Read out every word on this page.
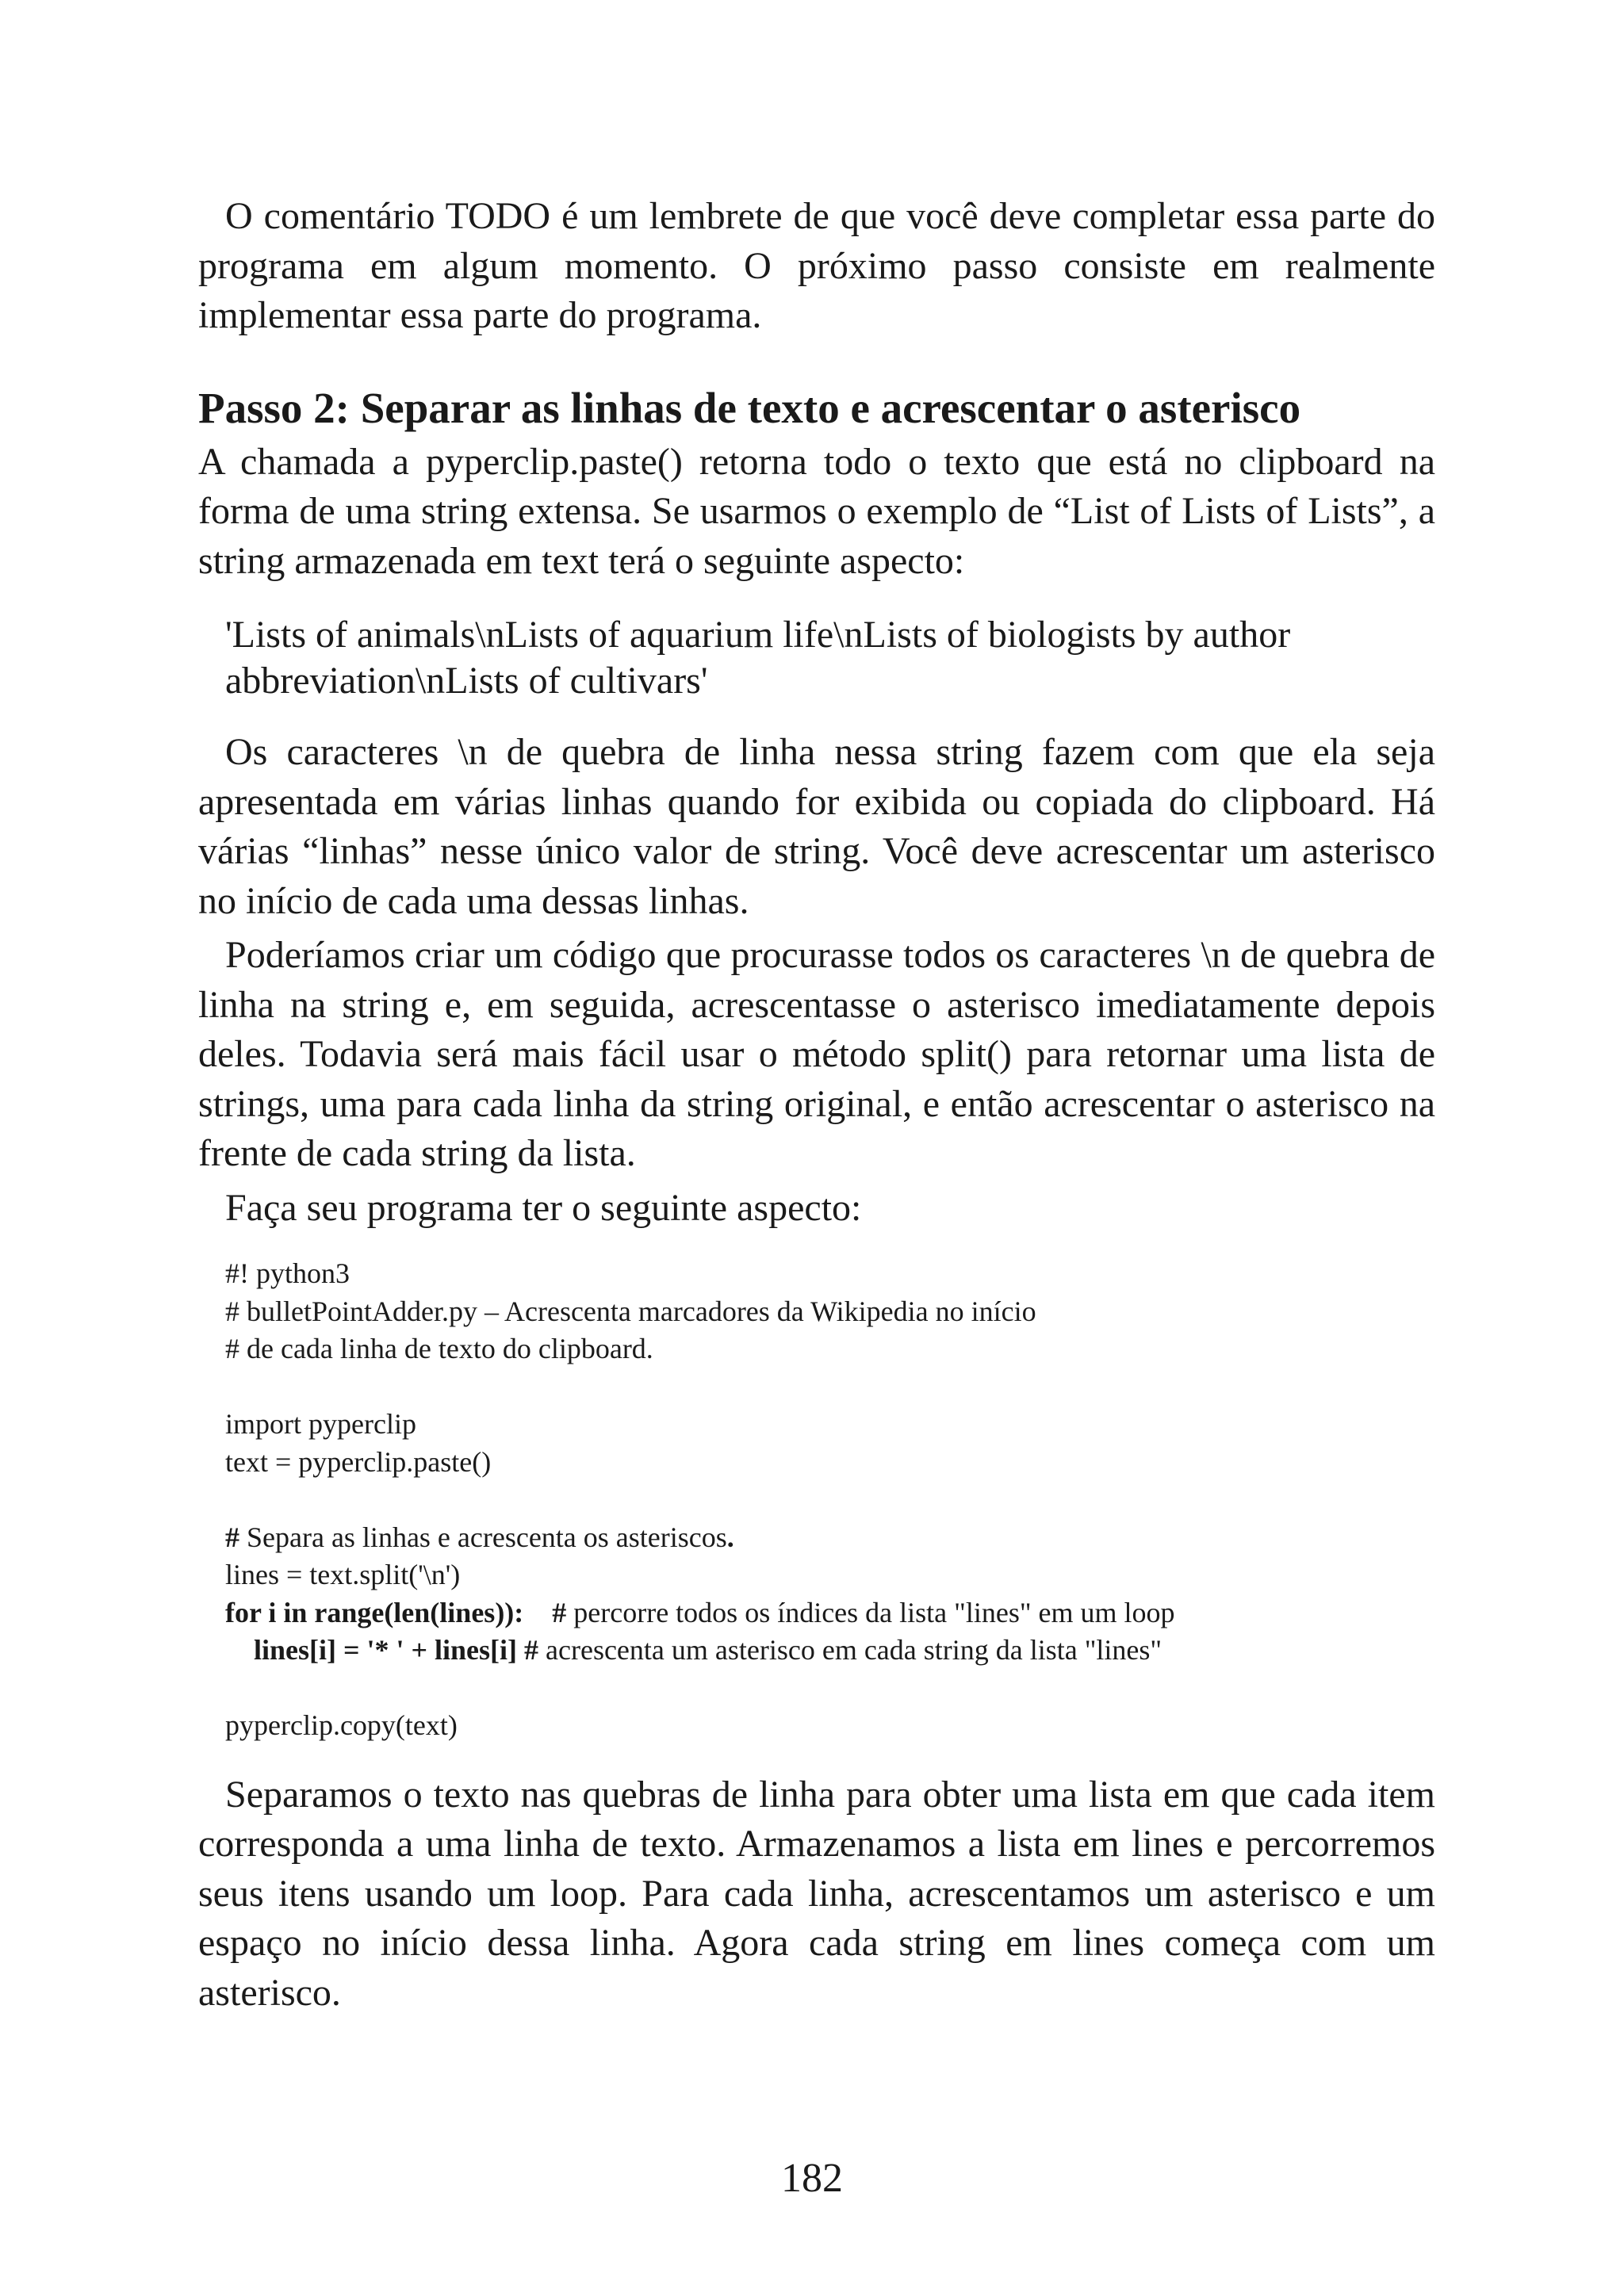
O comentário TODO é um lembrete de que você deve completar essa parte do programa em algum momento. O próximo passo consiste em realmente implementar essa parte do programa.

Passo 2: Separar as linhas de texto e acrescentar o asterisco

A chamada a pyperclip.paste() retorna todo o texto que está no clipboard na forma de uma string extensa. Se usarmos o exemplo de “List of Lists of Lists”, a string armazenada em text terá o seguinte aspecto:

'Lists of animals\nLists of aquarium life\nLists of biologists by author
abbreviation\nLists of cultivars'

Os caracteres \n de quebra de linha nessa string fazem com que ela seja apresentada em várias linhas quando for exibida ou copiada do clipboard. Há várias “linhas” nesse único valor de string. Você deve acrescentar um asterisco no início de cada uma dessas linhas.

Poderíamos criar um código que procurasse todos os caracteres \n de quebra de linha na string e, em seguida, acrescentasse o asterisco imediatamente depois deles. Todavia será mais fácil usar o método split() para retornar uma lista de strings, uma para cada linha da string original, e então acrescentar o asterisco na frente de cada string da lista.

Faça seu programa ter o seguinte aspecto:

#! python3
# bulletPointAdder.py – Acrescenta marcadores da Wikipedia no início
# de cada linha de texto do clipboard.
import pyperclip
text = pyperclip.paste()
# Separa as linhas e acrescenta os asteriscos.
lines = text.split('\n')
for i in range(len(lines)):    # percorre todos os índices da lista "lines" em um loop
lines[i] = '* ' + lines[i] # acrescenta um asterisco em cada string da lista "lines"
pyperclip.copy(text)

Separamos o texto nas quebras de linha para obter uma lista em que cada item corresponda a uma linha de texto. Armazenamos a lista em lines e percorremos seus itens usando um loop. Para cada linha, acrescentamos um asterisco e um espaço no início dessa linha. Agora cada string em lines começa com um asterisco.

182
